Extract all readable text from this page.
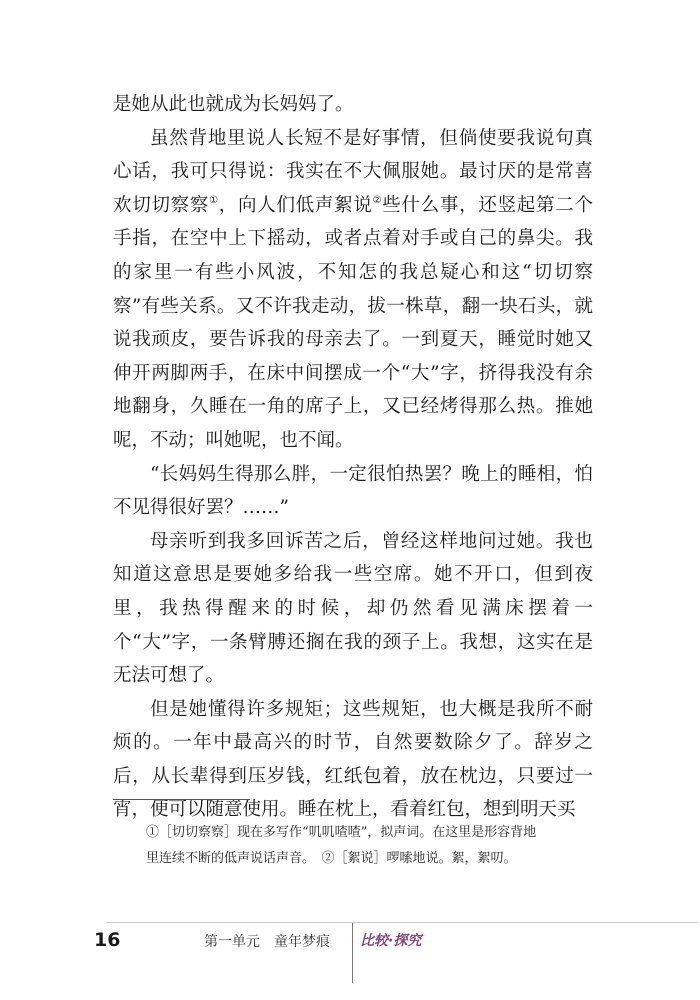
是她从此也就成为长妈妈了。

虽然背地里说人长短不是好事情，但倘使要我说句真心话，我可只得说：我实在不大佩服她。最讨厌的是常喜欢切切察察①，向人们低声絮说②些什么事，还竖起第二个手指，在空中上下摇动，或者点着对手或自己的鼻尖。我的家里一有些小风波，不知怎的我总疑心和这“切切察察”有些关系。又不许我走动，拔一株草，翻一块石头，就说我顽皮，要告诉我的母亲去了。一到夏天，睡觉时她又伸开两脚两手，在床中间摆成一个“大”字，挤得我没有余地翻身，久睡在一角的席子上，又已经烤得那么热。推她呢，不动；叫她呢，也不闻。

“长妈妈生得那么胖，一定很怕热罢？晚上的睡相，怕不见得很好罢？……”

母亲听到我多回诉苦之后，曾经这样地问过她。我也知道这意思是要她多给我一些空席。她不开口，但到夜里，我热得醒来的时候，却仍然看见满床摆着一个“大”字，一条臂膊还搁在我的颈子上。我想，这实在是无法可想了。

但是她懂得许多规矩；这些规矩，也大概是我所不耐烦的。一年中最高兴的时节，自然要数除夕了。辞岁之后，从长辈得到压岁钱，红纸包着，放在枕边，只要过一宵，便可以随意使用。睡在枕上，看着红包，想到明天买

①［切切察察］现在多写作“叽叽喳喳”，拟声词。在这里是形容背地

里连续不断的低声说话声音。　②［絮说］啰嗦地说。絮，絮叨。

16	第一单元　童年梦痕 比较·探究
